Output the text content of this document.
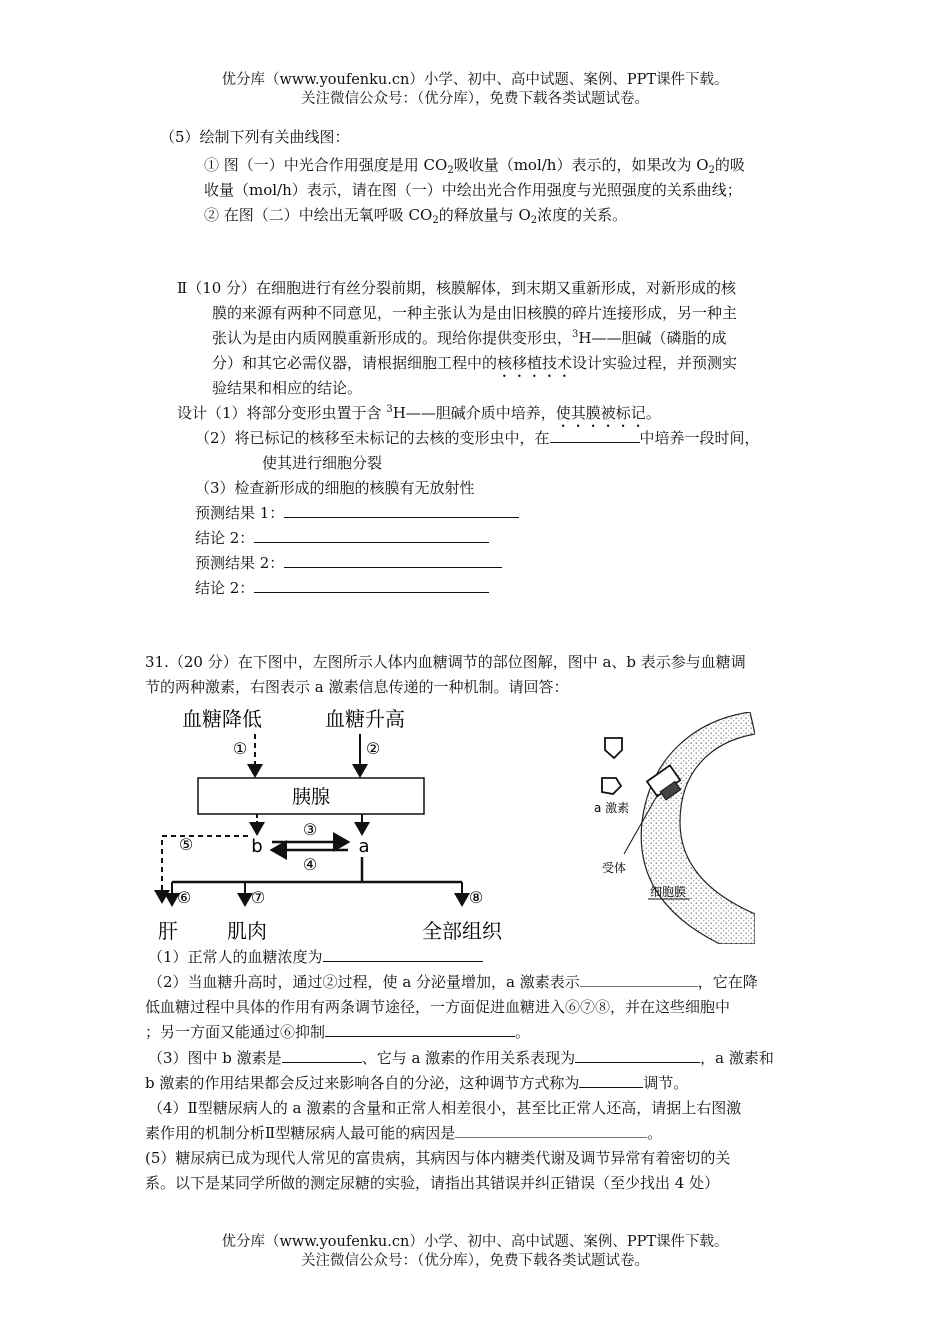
优分库（www.youfenku.cn）小学、初中、高中试题、案例、PPT课件下载。
关注微信公众号：（优分库），免费下载各类试题试卷。
（5）绘制下列有关曲线图：
① 图（一）中光合作用强度是用 $CO_2$吸收量（mol/h）表示的，如果改为 $O_2$的吸
收量（mol/h）表示，请在图（一）中绘出光合作用强度与光照强度的关系曲线；
② 在图（二）中绘出无氧呼吸 $CO_2$的释放量与 $O_2$浓度的关系。
Ⅱ（10 分）在细胞进行有丝分裂前期，核膜解体，到末期又重新形成，对新形成的核
膜的来源有两种不同意见，一种主张认为是由旧核膜的碎片连接形成，另一种主
张认为是由内质网膜重新形成的。现给你提供变形虫，$^3$H——胆碱（磷脂的成
分）和其它必需仪器，请根据细胞工程中的核移植技术设计实验过程，并预测实
验结果和相应的结论。
设计（1）将部分变形虫置于含 $^3$H——胆碱介质中培养，使其膜被标记。
（2）将已标记的核移至未标记的去核的变形虫中，在	中培养一段时间，
使其进行细胞分裂
（3）检查新形成的细胞的核膜有无放射性
预测结果 1：
结论 2：
预测结果 2：
结论 2：
31.（20 分）在下图中，左图所示人体内血糖调节的部位图解，图中 a、b 表示参与血糖调
节的两种激素，右图表示 a 激素信息传递的一种机制。请回答：
血糖降低	血糖升高
①	②
胰腺
b	a
③
④
⑤
⑥	⑦	⑧
肝 肌肉	全部组织
a 激素
受体
细胞膜
（1）正常人的血糖浓度为
（2）当血糖升高时，通过②过程，使 a 分泌量增加，a 激素表示	，它在降
低血糖过程中具体的作用有两条调节途径，一方面促进血糖进入⑥⑦⑧，并在这些细胞中
；另一方面又能通过⑥抑制	。
（3）图中 b 激素是	、它与 a 激素的作用关系表现为	，a 激素和
b 激素的作用结果都会反过来影响各自的分泌，这种调节方式称为	调节。
（4）Ⅱ型糖尿病人的 a 激素的含量和正常人相差很小，甚至比正常人还高，请据上右图激
素作用的机制分析Ⅱ型糖尿病人最可能的病因是	。
(5）糖尿病已成为现代人常见的富贵病，其病因与体内糖类代谢及调节异常有着密切的关
系。以下是某同学所做的测定尿糖的实验，请指出其错误并纠正错误（至少找出 4 处）
优分库（www.youfenku.cn）小学、初中、高中试题、案例、PPT课件下载。
关注微信公众号：（优分库），免费下载各类试题试卷。
